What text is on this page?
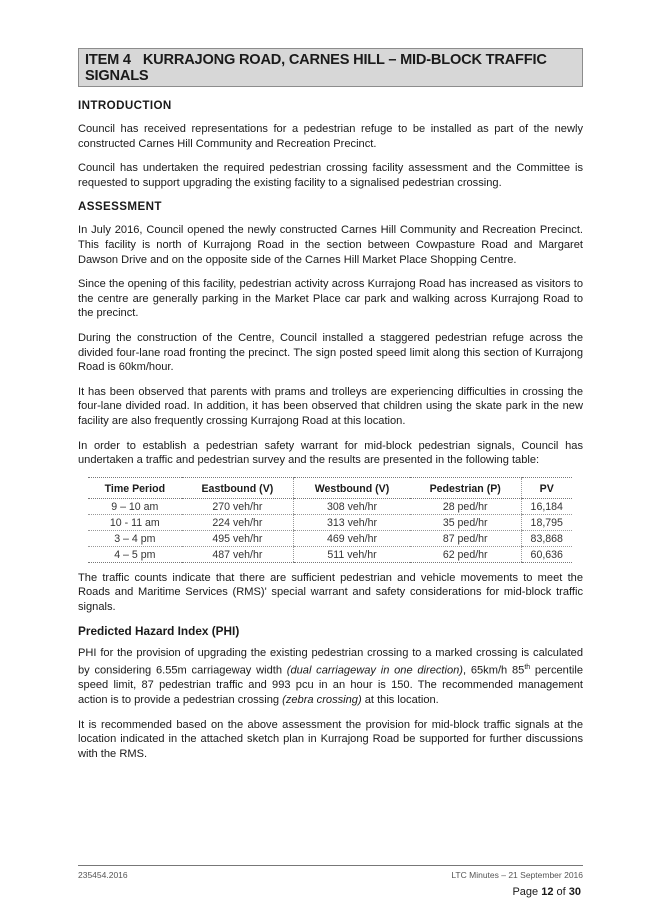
ITEM 4 KURRAJONG ROAD, CARNES HILL – MID-BLOCK TRAFFIC SIGNALS
INTRODUCTION

Council has received representations for a pedestrian refuge to be installed as part of the newly constructed Carnes Hill Community and Recreation Precinct.

Council has undertaken the required pedestrian crossing facility assessment and the Committee is requested to support upgrading the existing facility to a signalised pedestrian crossing.

ASSESSMENT

In July 2016, Council opened the newly constructed Carnes Hill Community and Recreation Precinct. This facility is north of Kurrajong Road in the section between Cowpasture Road and Margaret Dawson Drive and on the opposite side of the Carnes Hill Market Place Shopping Centre.

Since the opening of this facility, pedestrian activity across Kurrajong Road has increased as visitors to the centre are generally parking in the Market Place car park and walking across Kurrajong Road to the precinct.

During the construction of the Centre, Council installed a staggered pedestrian refuge across the divided four-lane road fronting the precinct. The sign posted speed limit along this section of Kurrajong Road is 60km/hour.

It has been observed that parents with prams and trolleys are experiencing difficulties in crossing the four-lane divided road. In addition, it has been observed that children using the skate park in the new facility are also frequently crossing Kurrajong Road at this location.

In order to establish a pedestrian safety warrant for mid-block pedestrian signals, Council has undertaken a traffic and pedestrian survey and the results are presented in the following table:

Time Period	Eastbound (V)	Westbound (V)	Pedestrian (P)	PV
9 – 10 am	270 veh/hr	308 veh/hr	28 ped/hr	16,184
10 - 11 am	224 veh/hr	313 veh/hr	35 ped/hr	18,795
3 – 4 pm	495 veh/hr	469 veh/hr	87 ped/hr	83,868
4 – 5 pm	487 veh/hr	511 veh/hr	62 ped/hr	60,636

The traffic counts indicate that there are sufficient pedestrian and vehicle movements to meet the Roads and Maritime Services (RMS)' special warrant and safety considerations for mid-block traffic signals.

Predicted Hazard Index (PHI)

PHI for the provision of upgrading the existing pedestrian crossing to a marked crossing is calculated by considering 6.55m carriageway width (dual carriageway in one direction), 65km/h 85th percentile speed limit, 87 pedestrian traffic and 993 pcu in an hour is 150. The recommended management action is to provide a pedestrian crossing (zebra crossing) at this location.

It is recommended based on the above assessment the provision for mid-block traffic signals at the location indicated in the attached sketch plan in Kurrajong Road be supported for further discussions with the RMS.

235454.2016	LTC Minutes – 21 September 2016
Page 12 of 30
